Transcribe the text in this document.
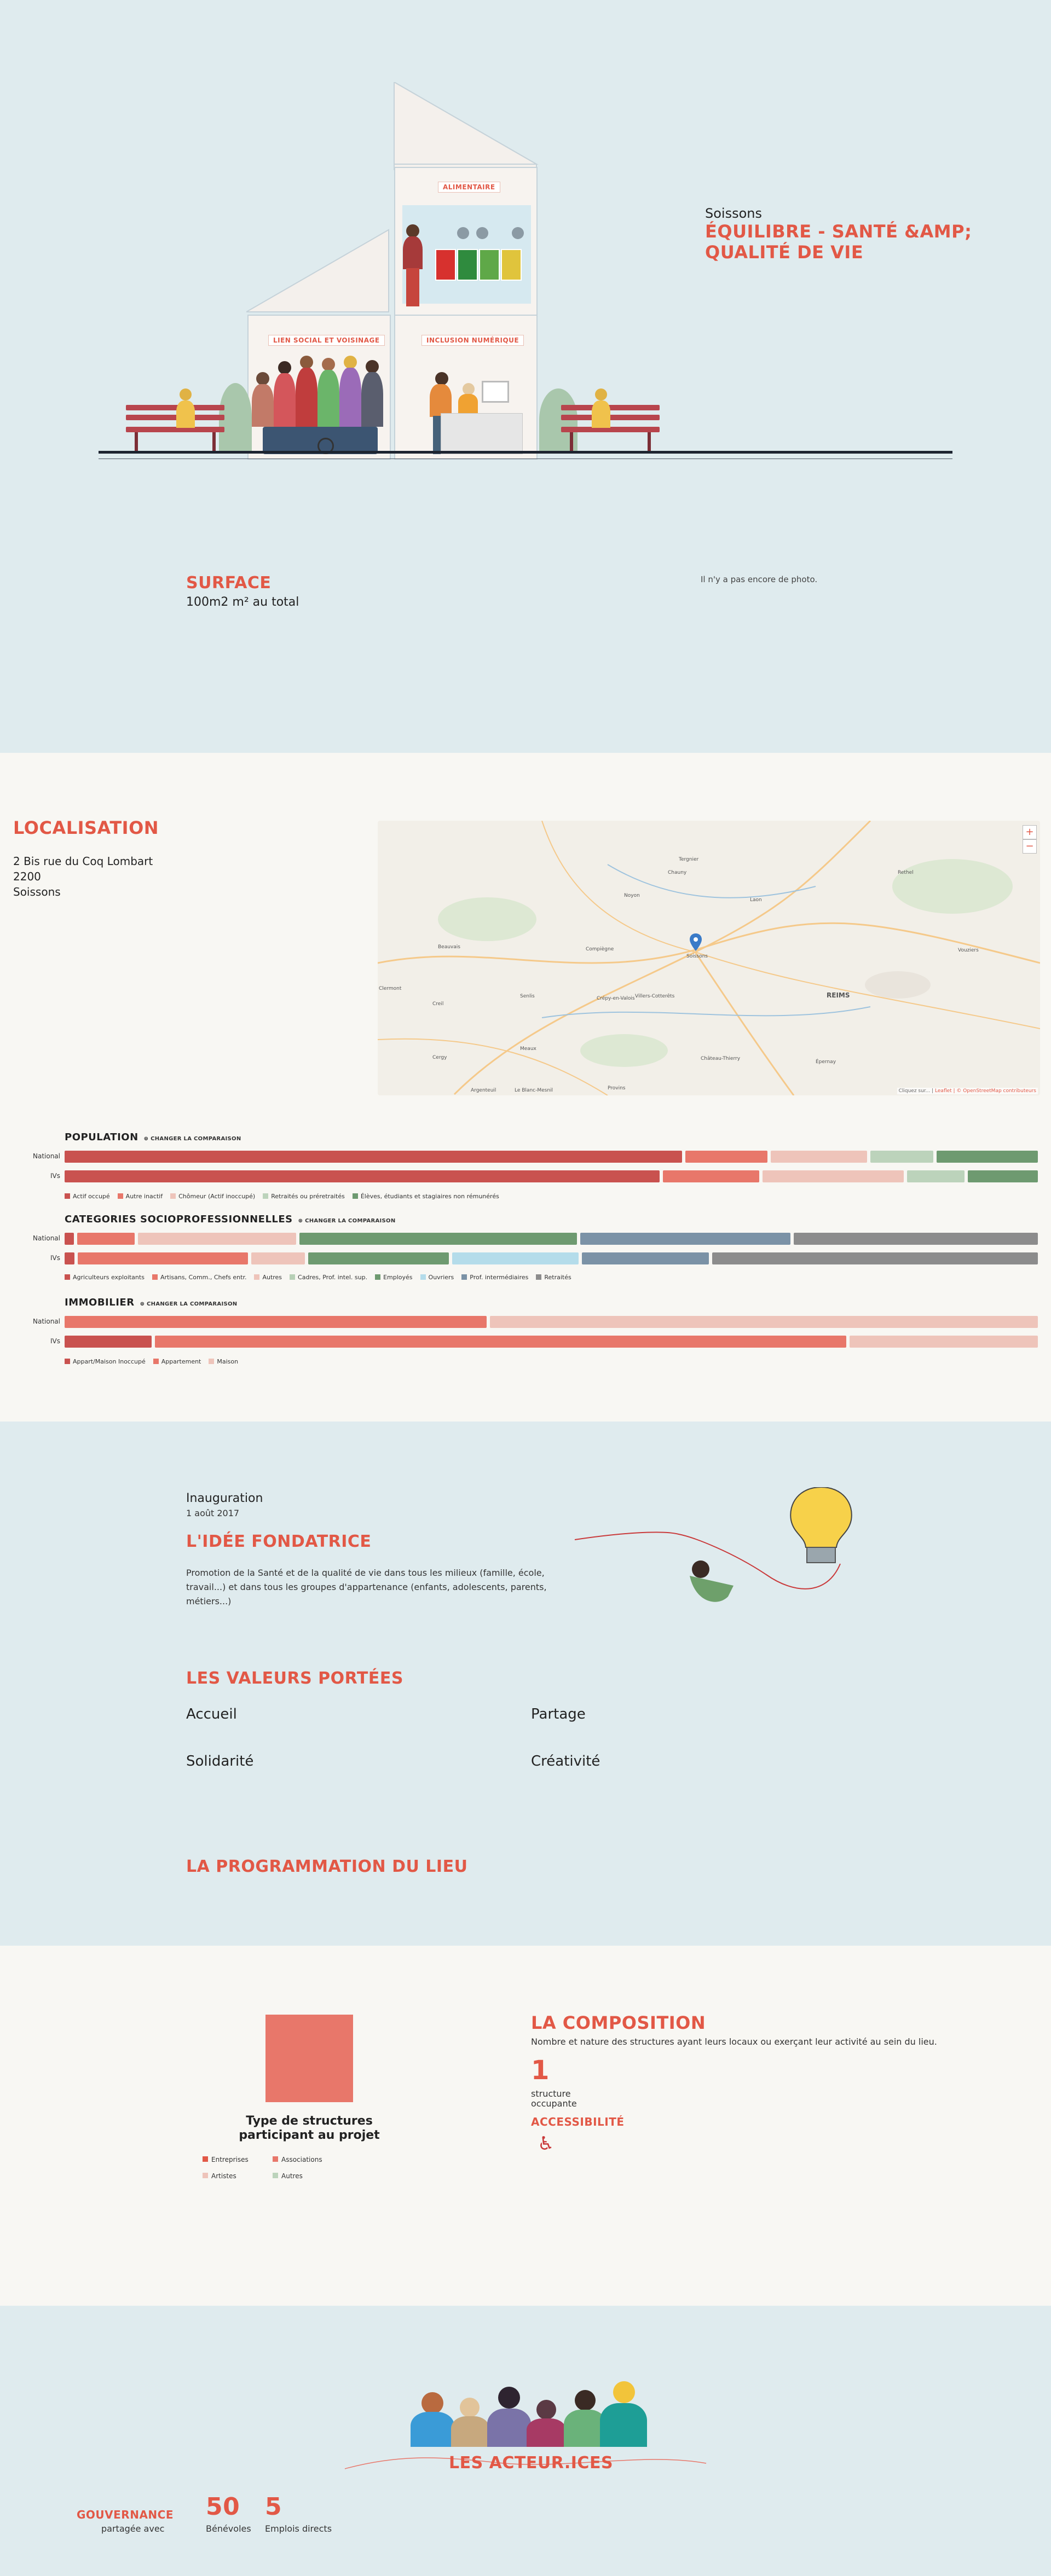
ALIMENTAIRE
LIEN SOCIAL ET VOISINAGE	INCLUSION NUMÉRIQUE
Soissons
ÉQUILIBRE - SANTÉ &AMP; QUALITÉ DE VIE
SURFACE
100m2 m² au total
Il n'y a pas encore de photo.
LOCALISATION
2 Bis rue du Coq Lombart
2200
Soissons
Tergnier
Chauny
Noyon
Laon
Rethel
Beauvais	Compiègne	Vouziers
Creil
Senlis	Crépy-en-Valois Villers-Cotterêts	REIMS
Meaux
Château-Thierry
Argenteuil	Le Blanc-Mesnil
Épernay
Provins
Clermont
Cergy
Soissons
+
−
Cliquez sur... | Leaflet | © OpenStreetMap contributeurs
POPULATION ⊕ CHANGER LA COMPARAISON
National
IVs
Actif occupé	Autre inactif	Chômeur (Actif inoccupé)	Retraités ou préretraités	Élèves, étudiants et stagiaires non rémunérés
CATEGORIES SOCIOPROFESSIONNELLES ⊕ CHANGER LA COMPARAISON
National
IVs
Agriculteurs exploitants	Artisans, Comm., Chefs entr.	Autres	Cadres, Prof. intel. sup.	Employés	Ouvriers	Prof. intermédiaires	Retraités
IMMOBILIER ⊕ CHANGER LA COMPARAISON
National
IVs
Appart/Maison Inoccupé	Appartement	Maison
Inauguration
1 août 2017
L'IDÉE FONDATRICE

Promotion de la Santé et de la qualité de vie dans tous les milieux (famille, école, travail...) et dans tous les groupes d'appartenance (enfants, adolescents, parents, métiers...)

LES VALEURS PORTÉES
Accueil	Partage
Solidarité	Créativité
LA PROGRAMMATION DU LIEU
Type de structures participant au projet
Entreprises
Artistes
Associations
Autres
LA COMPOSITION

Nombre et nature des structures ayant leurs locaux ou exerçant leur activité au sein du lieu.

1
structure occupante
ACCESSIBILITÉ
♿
LES ACTEUR.ICES
GOUVERNANCE
partagée avec
50
Bénévoles
5
Emplois directs
